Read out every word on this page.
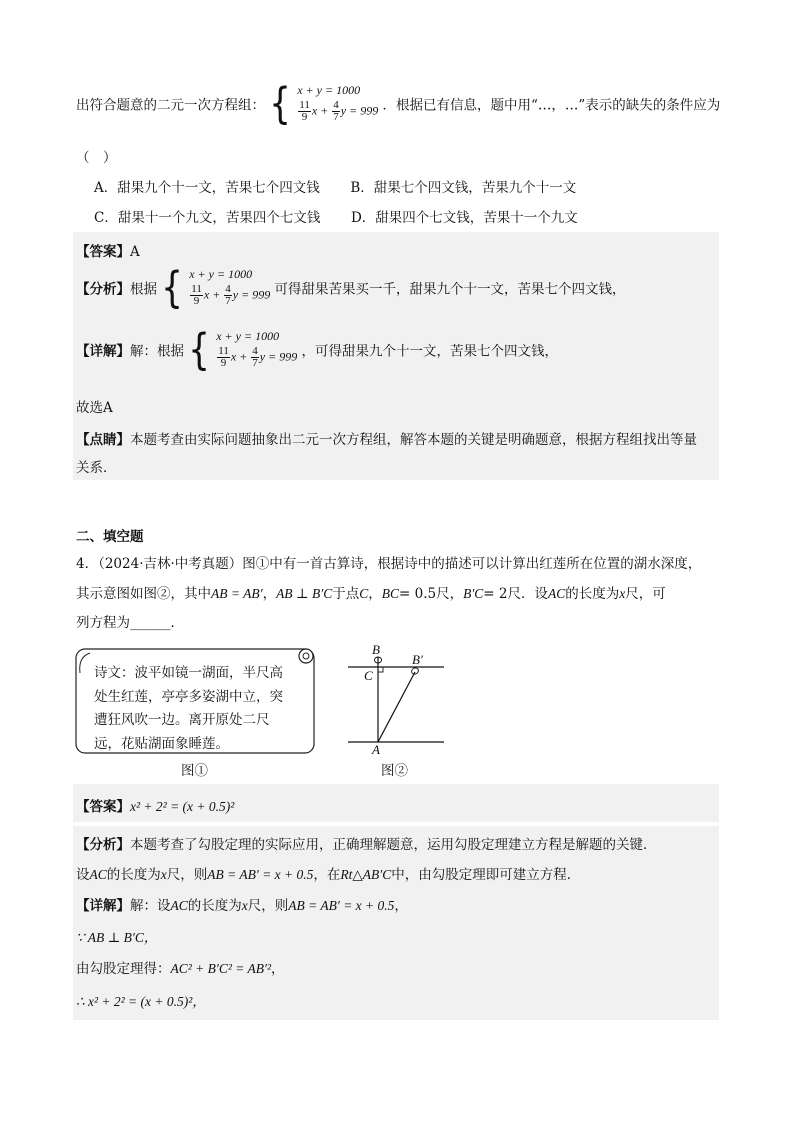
出符合题意的二元一次方程组： { x + y = 1000
$\frac{11}{9}$ $x + \frac{4}{7}$ y = 999 ．根据已有信息，题中用“…，…”表示的缺失的条件应为
（　）
A．甜果九个十一文，苦果七个四文钱 B．甜果七个四文钱，苦果九个十一文
C．甜果十一个九文，苦果四个七文钱 D．甜果四个七文钱，苦果十一个九文
【答案】A
【分析】根据 { x + y = 1000
$\frac{11}{9}$ $x + \frac{4}{7}$ y = 999 可得甜果苦果买一千，甜果九个十一文，苦果七个四文钱，
【详解】解：根据 { x + y = 1000
$\frac{11}{9}$ $x + \frac{4}{7}$ y = 999 ，可得甜果九个十一文，苦果七个四文钱，
故选A
【点睛】本题考查由实际问题抽象出二元一次方程组，解答本题的关键是明确题意，根据方程组找出等量
关系．
二、填空题
4．（2024·吉林·中考真题）图①中有一首古算诗，根据诗中的描述可以计算出红莲所在位置的湖水深度，
其示意图如图②，其中AB = AB′，AB ⊥ B′C于点C，BC= 0.5尺，B′C= 2尺．设AC的长度为x尺，可
列方程为______．
诗文：波平如镜一湖面，半尺高
处生红莲，亭亭多姿湖中立，突
遭狂风吹一边。离开原处二尺
远，花贴湖面象睡莲。
图①
B
B′
C
A
图②
【答案】x² + 2² = (x + 0.5)²
【分析】本题考查了勾股定理的实际应用，正确理解题意，运用勾股定理建立方程是解题的关键．
设AC的长度为x尺，则AB = AB′ = x + 0.5，在Rt△AB′C中，由勾股定理即可建立方程．
【详解】解：设AC的长度为x尺，则AB = AB′ = x + 0.5，
∵ AB ⊥ B′C，
由勾股定理得：AC² + B′C² = AB′²，
∴ x² + 2² = (x + 0.5)²，
